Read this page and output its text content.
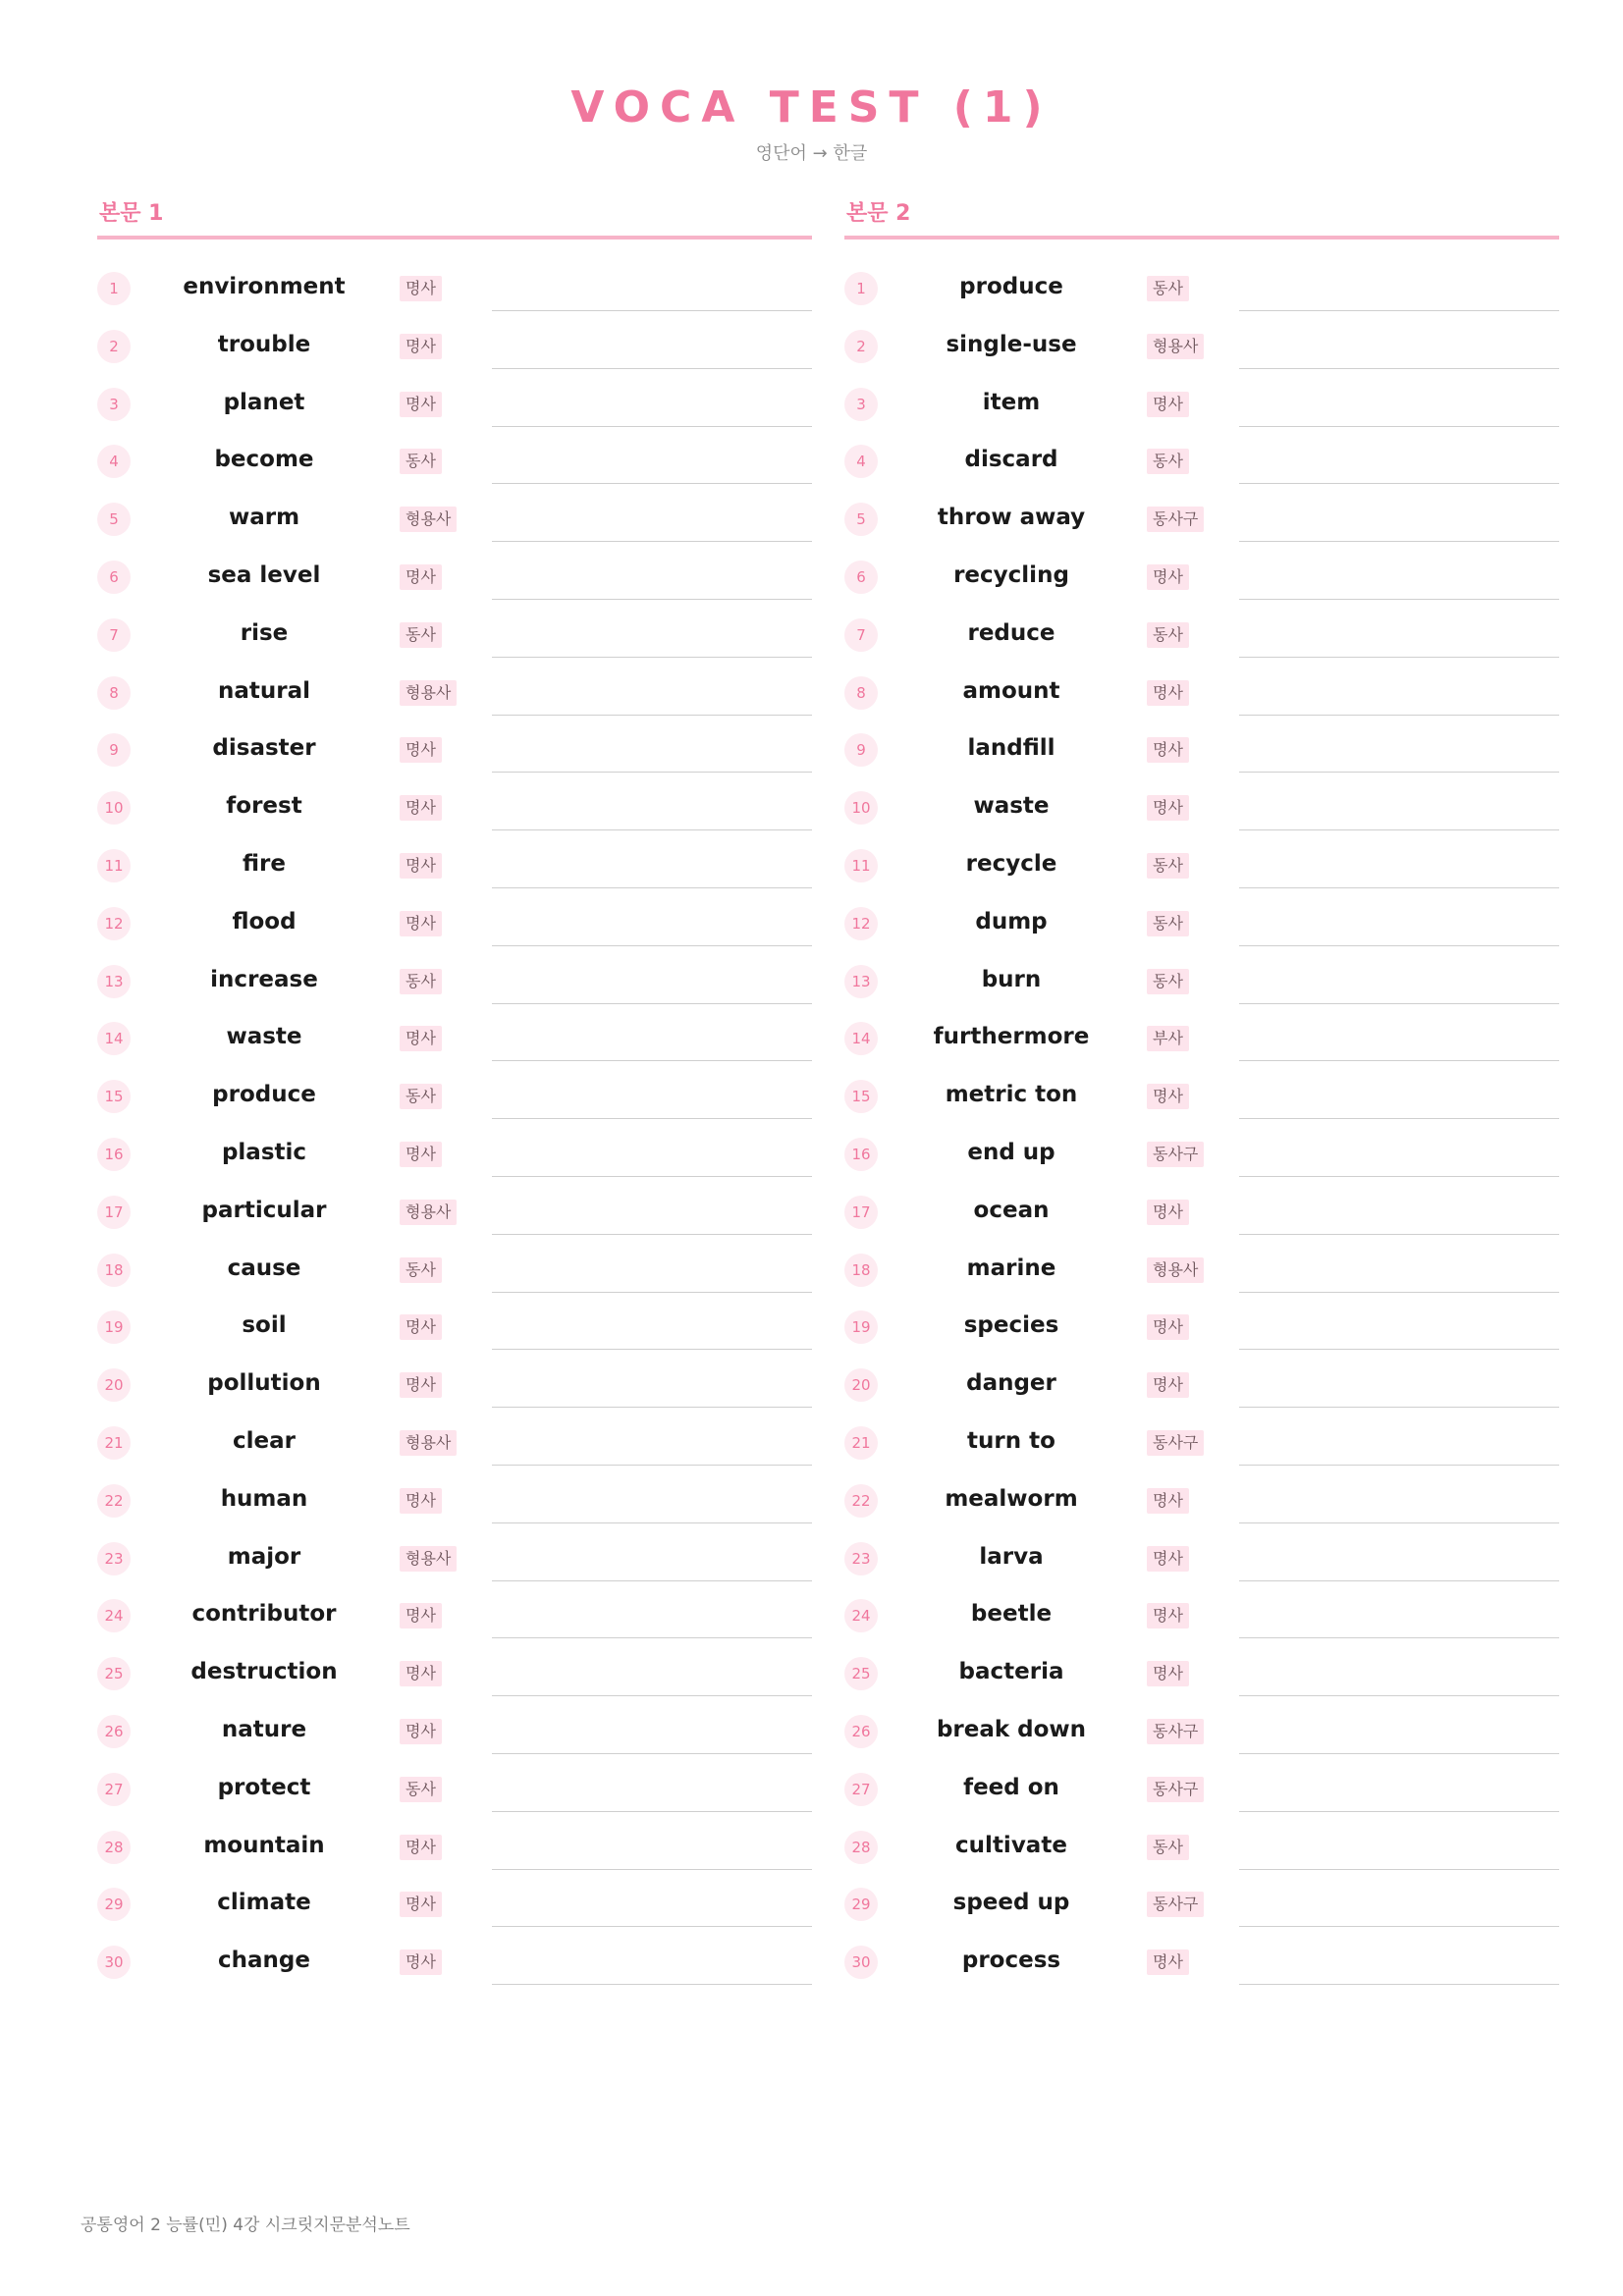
VOCA TEST (1)
영단어 → 한글
본문 1
1	environment	명사
2	trouble	명사
3	planet	명사
4	become	동사
5	warm	형용사
6	sea level	명사
7	rise	동사
8	natural	형용사
9	disaster	명사
10	forest	명사
11	fire	명사
12	flood	명사
13	increase	동사
14	waste	명사
15	produce	동사
16	plastic	명사
17	particular	형용사
18	cause	동사
19	soil	명사
20	pollution	명사
21	clear	형용사
22	human	명사
23	major	형용사
24	contributor	명사
25	destruction	명사
26	nature	명사
27	protect	동사
28	mountain	명사
29	climate	명사
30	change	명사
본문 2
1	produce	동사
2	single-use	형용사
3	item	명사
4	discard	동사
5	throw away	동사구
6	recycling	명사
7	reduce	동사
8	amount	명사
9	landfill	명사
10	waste	명사
11	recycle	동사
12	dump	동사
13	burn	동사
14	furthermore	부사
15	metric ton	명사
16	end up	동사구
17	ocean	명사
18	marine	형용사
19	species	명사
20	danger	명사
21	turn to	동사구
22	mealworm	명사
23	larva	명사
24	beetle	명사
25	bacteria	명사
26	break down	동사구
27	feed on	동사구
28	cultivate	동사
29	speed up	동사구
30	process	명사
공통영어 2 능률(민) 4강 시크릿지문분석노트
